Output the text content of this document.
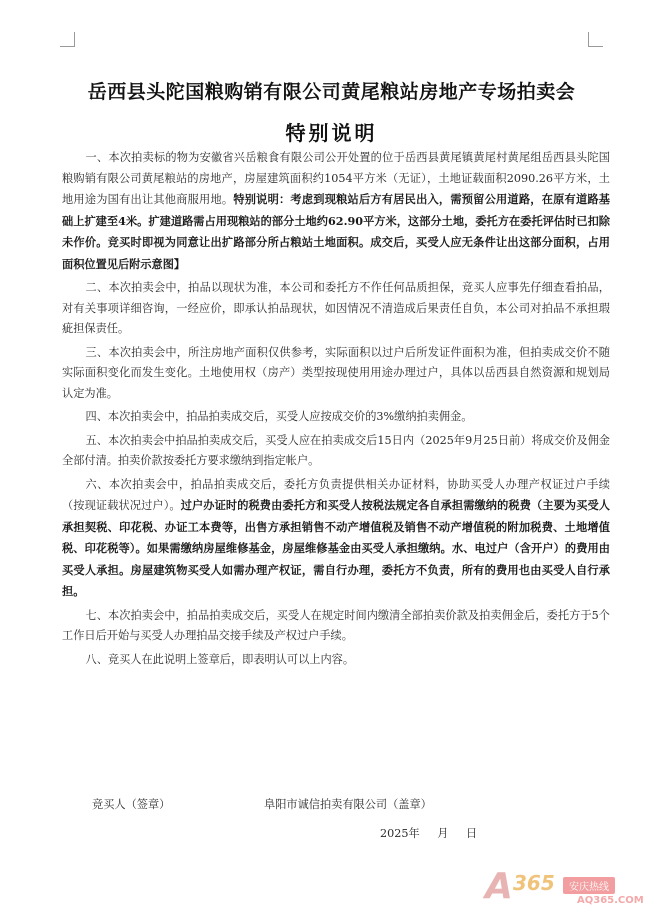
岳西县头陀国粮购销有限公司黄尾粮站房地产专场拍卖会
特别说明

一、本次拍卖标的物为安徽省兴岳粮食有限公司公开处置的位于岳西县黄尾镇黄尾村黄尾组岳西县头陀国粮购销有限公司黄尾粮站的房地产，房屋建筑面积约1054平方米（无证），土地证载面积2090.26平方米，土地用途为国有出让其他商服用地。特别说明：考虑到现粮站后方有居民出入，需预留公用道路，在原有道路基础上扩建至4米。扩建道路需占用现粮站的部分土地约62.90平方米，这部分土地，委托方在委托评估时已扣除未作价。竞买时即视为同意让出扩路部分所占粮站土地面积。成交后，买受人应无条件让出这部分面积，占用面积位置见后附示意图】

二、本次拍卖会中，拍品以现状为准，本公司和委托方不作任何品质担保，竞买人应事先仔细查看拍品，对有关事项详细咨询，一经应价，即承认拍品现状，如因情况不清造成后果责任自负，本公司对拍品不承担瑕疵担保责任。

三、本次拍卖会中，所注房地产面积仅供参考，实际面积以过户后所发证件面积为准，但拍卖成交价不随实际面积变化而发生变化。土地使用权（房产）类型按现使用用途办理过户，具体以岳西县自然资源和规划局认定为准。

四、本次拍卖会中，拍品拍卖成交后，买受人应按成交价的3%缴纳拍卖佣金。

五、本次拍卖会中拍品拍卖成交后，买受人应在拍卖成交后15日内（2025年9月25日前）将成交价及佣金全部付清。拍卖价款按委托方要求缴纳到指定帐户。

六、本次拍卖会中，拍品拍卖成交后，委托方负责提供相关办证材料，协助买受人办理产权证过户手续（按现证载状况过户）。过户办证时的税费由委托方和买受人按税法规定各自承担需缴纳的税费（主要为买受人承担契税、印花税、办证工本费等，出售方承担销售不动产增值税及销售不动产增值税的附加税费、土地增值税、印花税等）。如果需缴纳房屋维修基金，房屋维修基金由买受人承担缴纳。水、电过户（含开户）的费用由买受人承担。房屋建筑物买受人如需办理产权证，需自行办理，委托方不负责，所有的费用也由买受人自行承担。

七、本次拍卖会中，拍品拍卖成交后，买受人在规定时间内缴清全部拍卖价款及拍卖佣金后，委托方于5个工作日后开始与买受人办理拍品交接手续及产权过户手续。

八、竞买人在此说明上签章后，即表明认可以上内容。

竞买人（签章）	阜阳市诚信拍卖有限公司（盖章）
2025年 月 日
A 365	安庆热线
AQ365.COM
